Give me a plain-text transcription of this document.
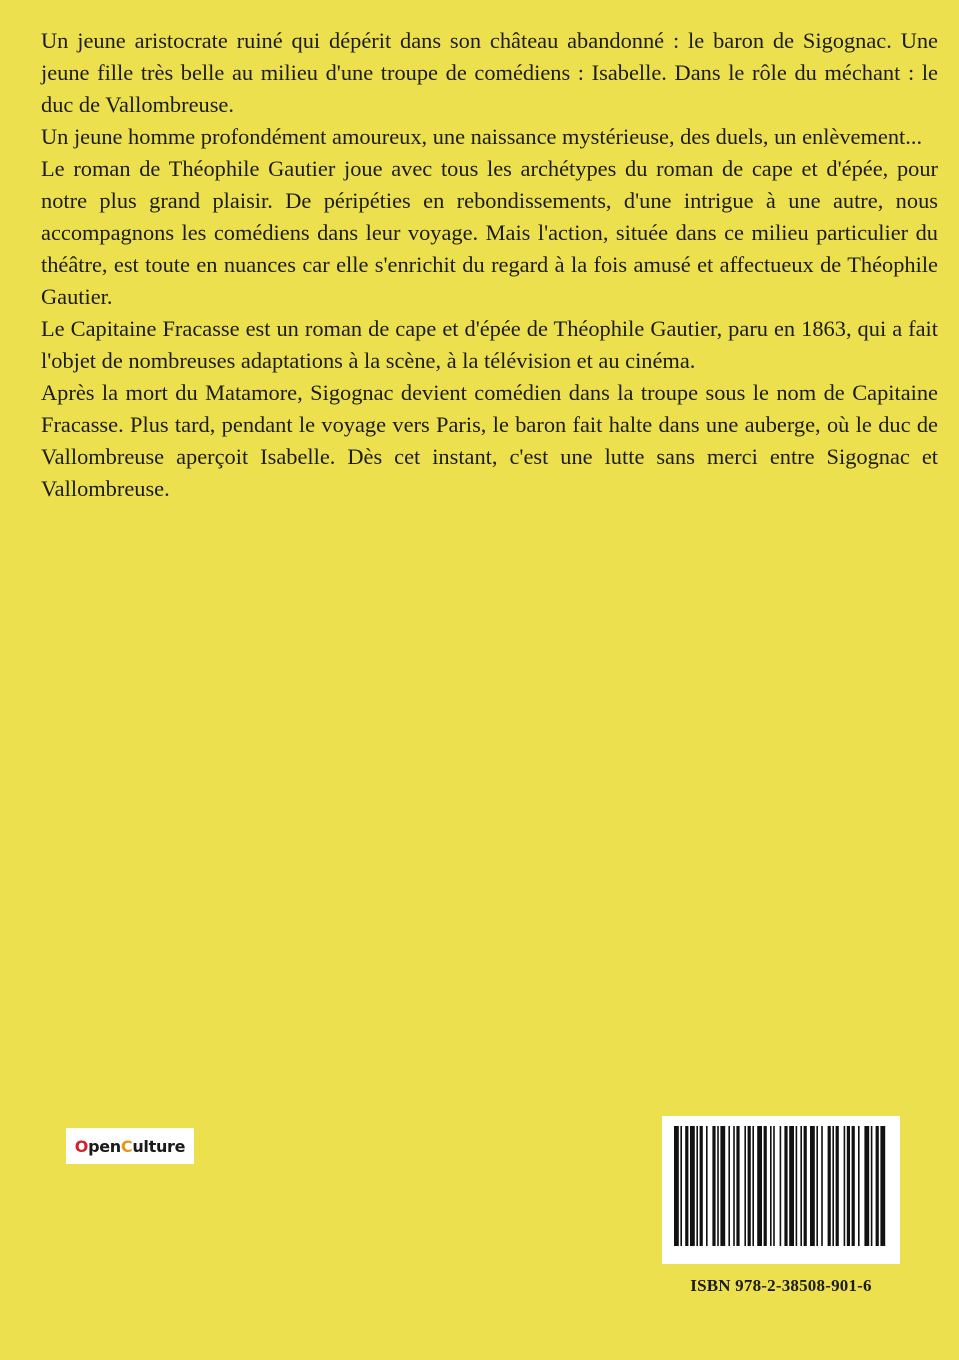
Un jeune aristocrate ruiné qui dépérit dans son château abandonné : le baron de Sigognac. Une jeune fille très belle au milieu d'une troupe de comédiens : Isabelle. Dans le rôle du méchant : le duc de Vallombreuse.

Un jeune homme profondément amoureux, une naissance mystérieuse, des duels, un enlèvement...

Le roman de Théophile Gautier joue avec tous les archétypes du roman de cape et d'épée, pour notre plus grand plaisir. De péripéties en rebondissements, d'une intrigue à une autre, nous accompagnons les comédiens dans leur voyage. Mais l'action, située dans ce milieu particulier du théâtre, est toute en nuances car elle s'enrichit du regard à la fois amusé et affectueux de Théophile Gautier.

Le Capitaine Fracasse est un roman de cape et d'épée de Théophile Gautier, paru en 1863, qui a fait l'objet de nombreuses adaptations à la scène, à la télévision et au cinéma.

Après la mort du Matamore, Sigognac devient comédien dans la troupe sous le nom de Capitaine Fracasse. Plus tard, pendant le voyage vers Paris, le baron fait halte dans une auberge, où le duc de Vallombreuse aperçoit Isabelle. Dès cet instant, c'est une lutte sans merci entre Sigognac et Vallombreuse.

O pen C ulture
ISBN 978-2-38508-901-6
